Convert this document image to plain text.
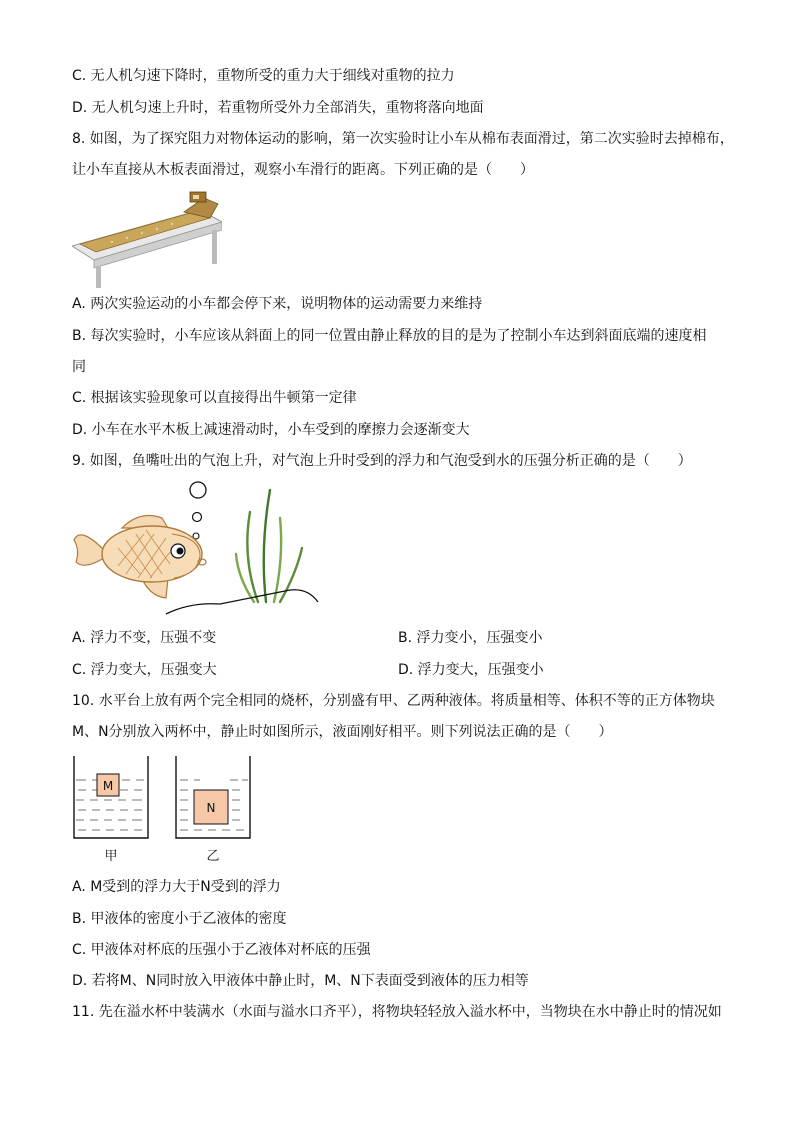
C. 无人机匀速下降时，重物所受的重力大于细线对重物的拉力
D. 无人机匀速上升时，若重物所受外力全部消失，重物将落向地面
8. 如图，为了探究阻力对物体运动的影响，第一次实验时让小车从棉布表面滑过，第二次实验时去掉棉布，
让小车直接从木板表面滑过，观察小车滑行的距离。下列正确的是（　　）
A. 两次实验运动的小车都会停下来，说明物体的运动需要力来维持
B. 每次实验时，小车应该从斜面上的同一位置由静止释放的目的是为了控制小车达到斜面底端的速度相
同
C. 根据该实验现象可以直接得出牛顿第一定律
D. 小车在水平木板上减速滑动时，小车受到的摩擦力会逐渐变大
9. 如图，鱼嘴吐出的气泡上升，对气泡上升时受到的浮力和气泡受到水的压强分析正确的是（　　）
A. 浮力不变，压强不变	B. 浮力变小，压强变小
C. 浮力变大，压强变大	D. 浮力变大，压强变小
10. 水平台上放有两个完全相同的烧杯，分别盛有甲、乙两种液体。将质量相等、体积不等的正方体物块
M、N分别放入两杯中，静止时如图所示，液面刚好相平。则下列说法正确的是（　　）
M
N
甲	乙
A. M受到的浮力大于N受到的浮力
B. 甲液体的密度小于乙液体的密度
C. 甲液体对杯底的压强小于乙液体对杯底的压强
D. 若将M、N同时放入甲液体中静止时，M、N下表面受到液体的压力相等
11. 先在溢水杯中装满水（水面与溢水口齐平），将物块轻轻放入溢水杯中，当物块在水中静止时的情况如
